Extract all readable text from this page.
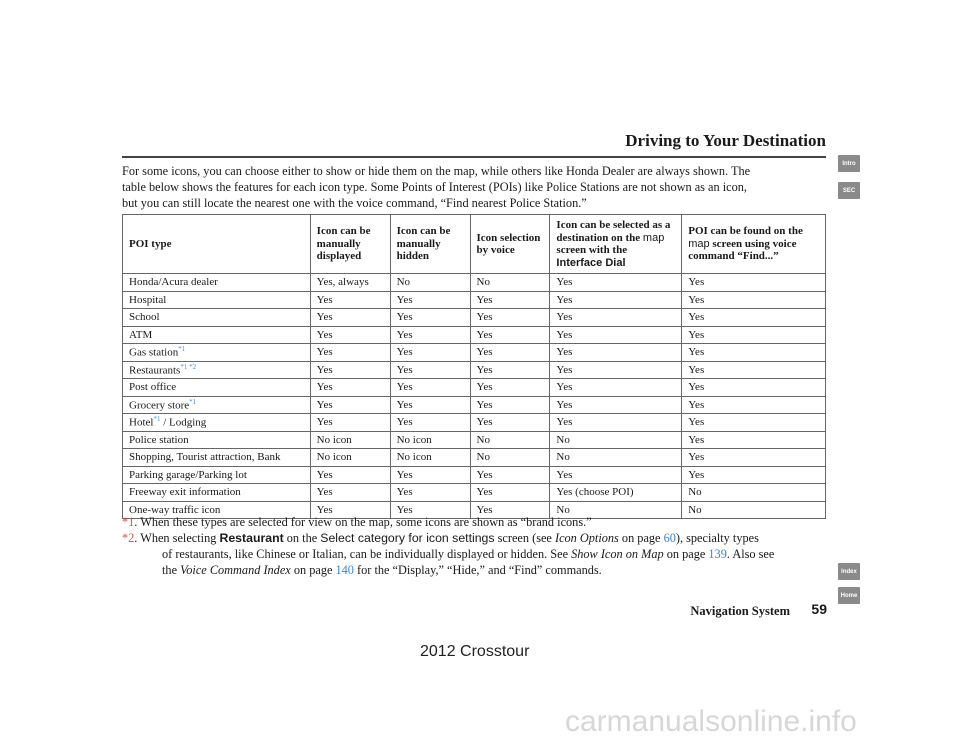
Driving to Your Destination
For some icons, you can choose either to show or hide them on the map, while others like Honda Dealer are always shown. The
table below shows the features for each icon type. Some Points of Interest (POIs) like Police Stations are not shown as an icon,
but you can still locate the nearest one with the voice command, “Find nearest Police Station.”
POI type	Icon can be manually displayed	Icon can be manually hidden	Icon selection by voice	Icon can be selected as a destination on the map screen with the
Interface Dial	POI can be found on the map screen using voice command “Find...”
Honda/Acura dealer	Yes, always	No	No	Yes	Yes
Hospital	Yes	Yes	Yes	Yes	Yes
School	Yes	Yes	Yes	Yes	Yes
ATM	Yes	Yes	Yes	Yes	Yes
Gas station$^{*1}$	Yes	Yes	Yes	Yes	Yes
Restaurants$^{*1 *2}$	Yes	Yes	Yes	Yes	Yes
Post office	Yes	Yes	Yes	Yes	Yes
Grocery store$^{*1}$	Yes	Yes	Yes	Yes	Yes
Hotel$^{*1}$ / Lodging	Yes	Yes	Yes	Yes	Yes
Police station	No icon	No icon	No	No	Yes
Shopping, Tourist attraction, Bank	No icon	No icon	No	No	Yes
Parking garage/Parking lot	Yes	Yes	Yes	Yes	Yes
Freeway exit information	Yes	Yes	Yes	Yes (choose POI)	No
One-way traffic icon	Yes	Yes	Yes	No	No
*1. When these types are selected for view on the map, some icons are shown as “brand icons.”
*2. When selecting Restaurant on the Select category for icon settings screen (see Icon Options on page 60), specialty types
of restaurants, like Chinese or Italian, can be individually displayed or hidden. See Show Icon on Map on page 139. Also see
the Voice Command Index on page 140 for the “Display,” “Hide,” and “Find” commands.
Intro
SEC
Index
Home
Navigation System	59
2012 Crosstour
carmanualsonline.info
